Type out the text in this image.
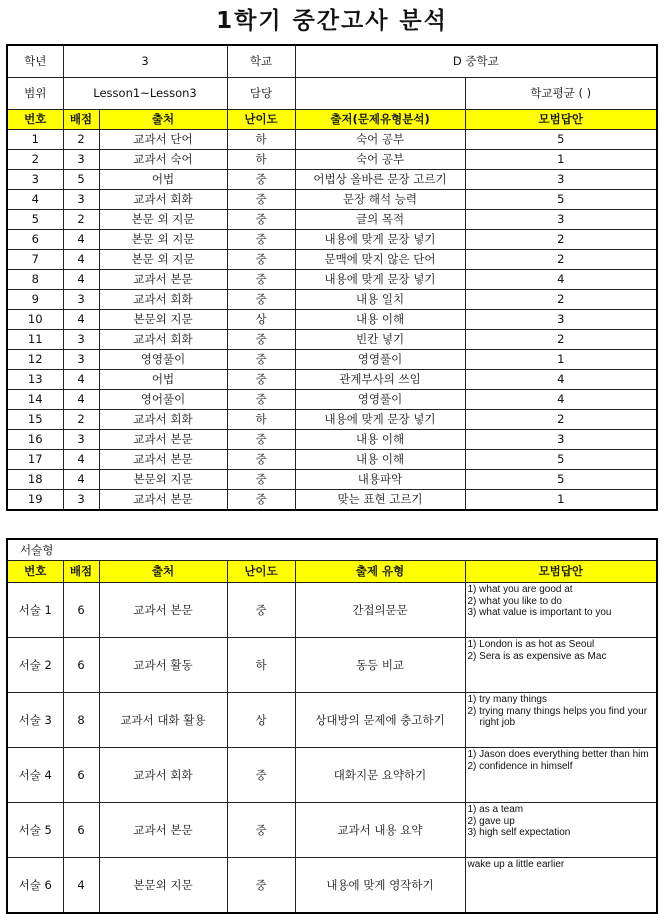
1학기 중간고사 분석
학년	3		학교	D 중학교	
범위	Lesson1~Lesson3		담당		학교평균 ( )
번호	배점	출처	난이도	출저(문제유형분석)	모범답안
1	2	교과서 단어	하	숙어 공부	5
2	3	교과서 숙어	하	숙어 공부	1
3	5	어법	중	어법상 올바른 문장 고르기	3
4	3	교과서 회화	중	문장 해석 능력	5
5	2	본문 외 지문	중	글의 목적	3
6	4	본문 외 지문	중	내용에 맞게 문장 넣기	2
7	4	본문 외 지문	중	문맥에 맞지 않은 단어	2
8	4	교과서 본문	중	내용에 맞게 문장 넣기	4
9	3	교과서 회화	중	내용 일치	2
10	4	본문외 지문	상	내용 이해	3
11	3	교과서 회화	중	빈칸 넣기	2
12	3	영영풀이	중	영영풀이	1
13	4	어법	중	관계부사의 쓰임	4
14	4	영어풀이	중	영영풀이	4
15	2	교과서 회화	하	내용에 맞게 문장 넣기	2
16	3	교과서 본문	중	내용 이해	3
17	4	교과서 본문	중	내용 이해	5
18	4	본문외 지문	중	내용파악	5
19	3	교과서 본문	중	맞는 표현 고르기	1
서술형					
번호	배점	출처	난이도	출제 유형	모범답안
서술 1	6	교과서 본문	중	간접의문문	1) what you are good at
2) what you like to do
3) what value is important to you

서술 2	6	교과서 활동	하	동등 비교	1) London is as hot as Seoul
2) Sera is as expensive as Mac

서술 3	8	교과서 대화 활용	상	상대방의 문제에 충고하기	1) try many things
2) trying many things helps you find your right job

서술 4	6	교과서 회화	중	대화지문 요약하기	1) Jason does everything better than him
2) confidence in himself

서술 5	6	교과서 본문	중	교과서 내용 요약	1) as a team
2) gave up
3) high self expectation

서술 6	4	본문외 지문	중	내용에 맞게 영작하기	wake up a little earlier
